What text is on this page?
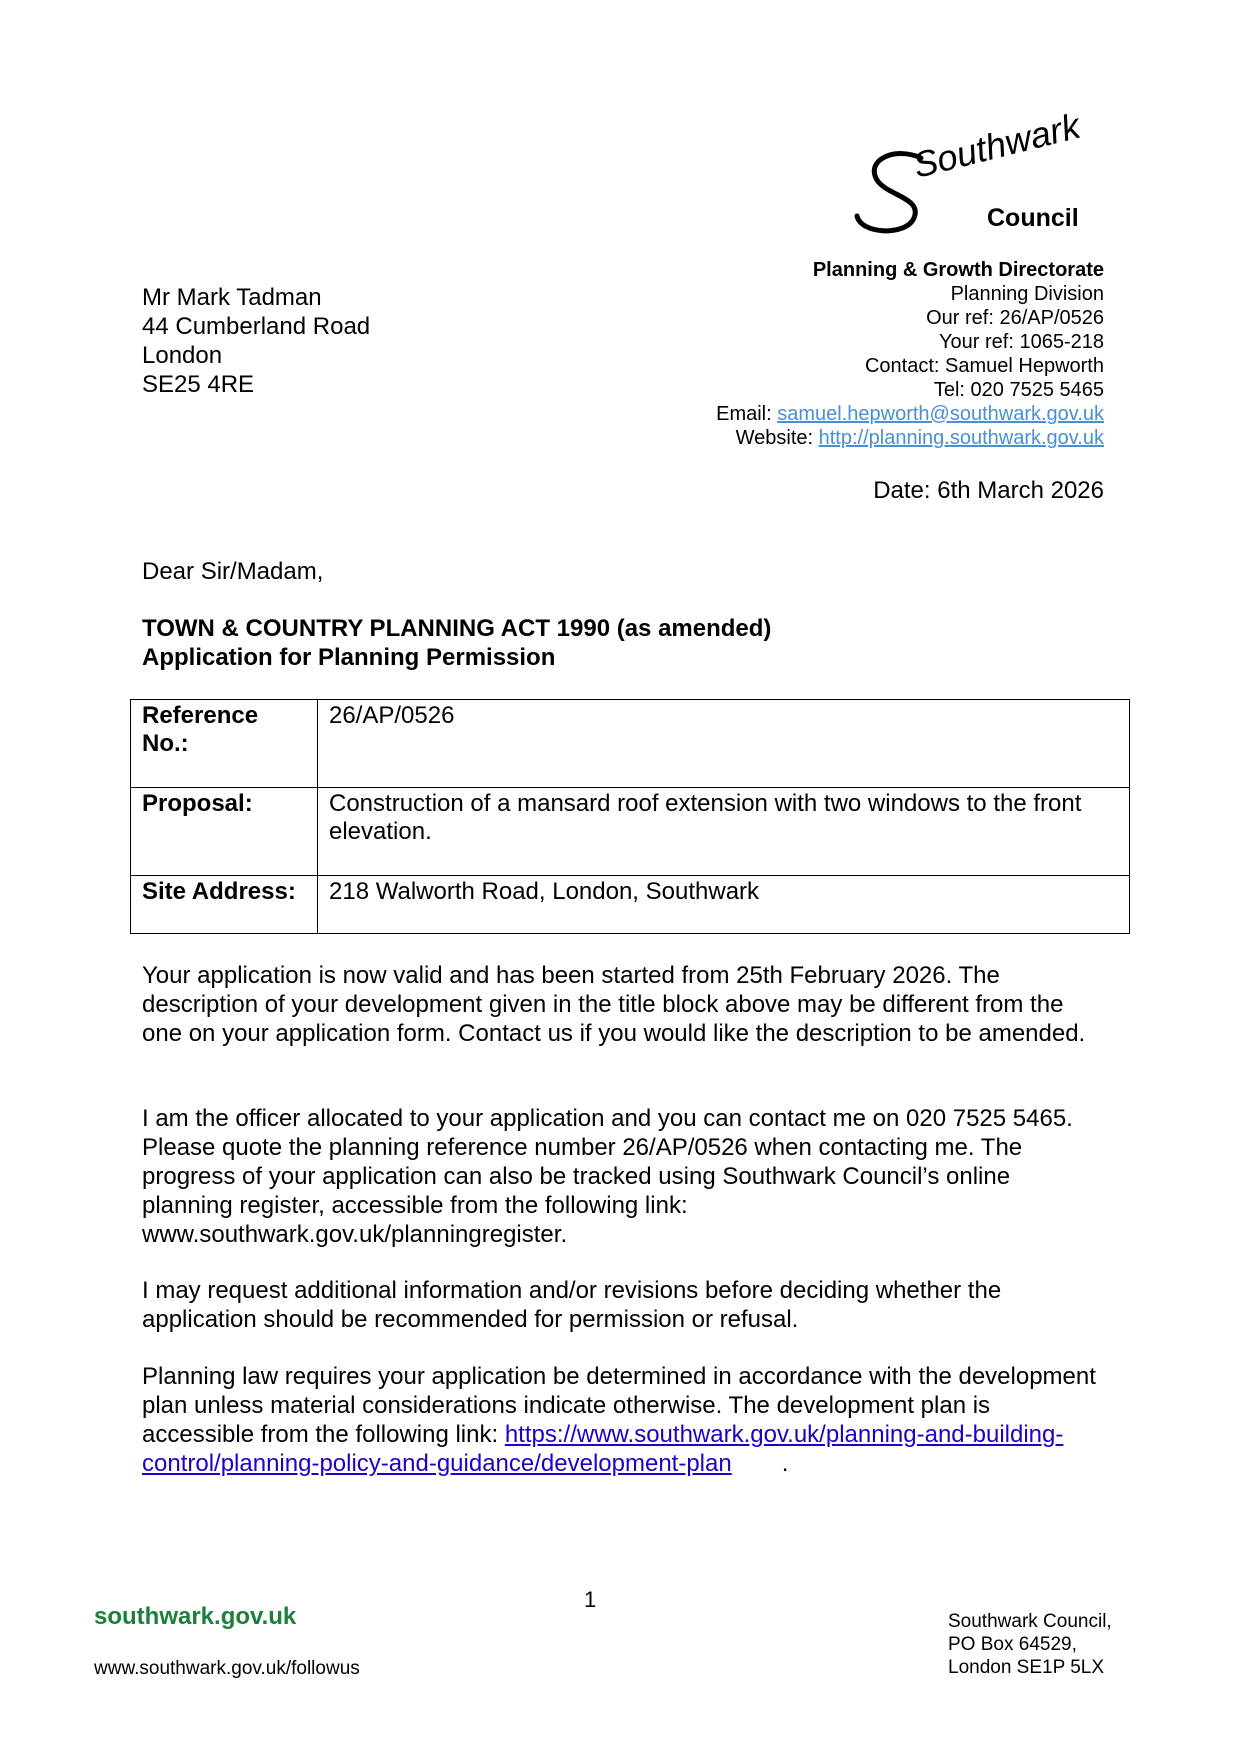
Southwark
Council
Planning & Growth Directorate
Planning Division
Our ref: 26/AP/0526
Your ref: 1065-218
Contact: Samuel Hepworth
Tel: 020 7525 5465
Email: samuel.hepworth@southwark.gov.uk
Website: http://planning.southwark.gov.uk
Date: 6th March 2026
Mr Mark Tadman
44 Cumberland Road
London
SE25 4RE
Dear Sir/Madam,
TOWN & COUNTRY PLANNING ACT 1990 (as amended)
Application for Planning Permission
Reference No.:	26/AP/0526
Proposal:	Construction of a mansard roof extension with two windows to the front elevation.
Site Address:	218 Walworth Road, London, Southwark
Your application is now valid and has been started from 25th February 2026. The description of your development given in the title block above may be different from the one on your application form. Contact us if you would like the description to be amended.
I am the officer allocated to your application and you can contact me on 020 7525 5465. Please quote the planning reference number 26/AP/0526 when contacting me. The progress of your application can also be tracked using Southwark Council’s online planning register, accessible from the following link: www.southwark.gov.uk/planningregister.
I may request additional information and/or revisions before deciding whether the application should be recommended for permission or refusal.
Planning law requires your application be determined in accordance with the development plan unless material considerations indicate otherwise. The development plan is accessible from the following link: https://www.southwark.gov.uk/planning-and-building-control/planning-policy-and-guidance/development-plan .
1
southwark.gov.uk
www.southwark.gov.uk/followus
Southwark Council,
PO Box 64529,
London SE1P 5LX
